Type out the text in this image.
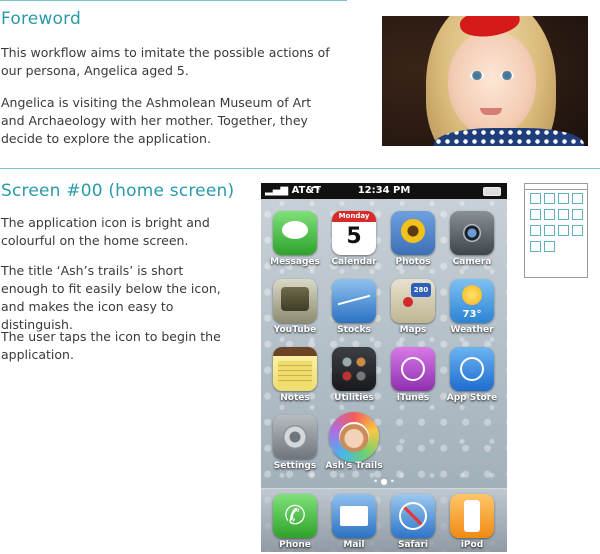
Foreword

This workflow aims to imitate the possible actions of our persona, Angelica aged 5.

Angelica is visiting the Ashmolean Museum of Art and Archaeology with her mother. Together, they decide to explore the application.

Screen #00 (home screen)

The application icon is bright and colourful on the home screen.

The title ‘Ash’s trails’ is short enough to fit easily below the icon, and makes the icon easy to distinguish.

The user taps the icon to begin the application.

▂▄▆ AT&T	12:34 PM
Messages
Monday
5
Calendar	Photos	Camera
YouTube	Stocks
280
Maps
73°
Weather
Notes	Utilities	iTunes	App Store
Settings	Ash's Trails
• ● •
✆
Phone	Mail	Safari	iPod
